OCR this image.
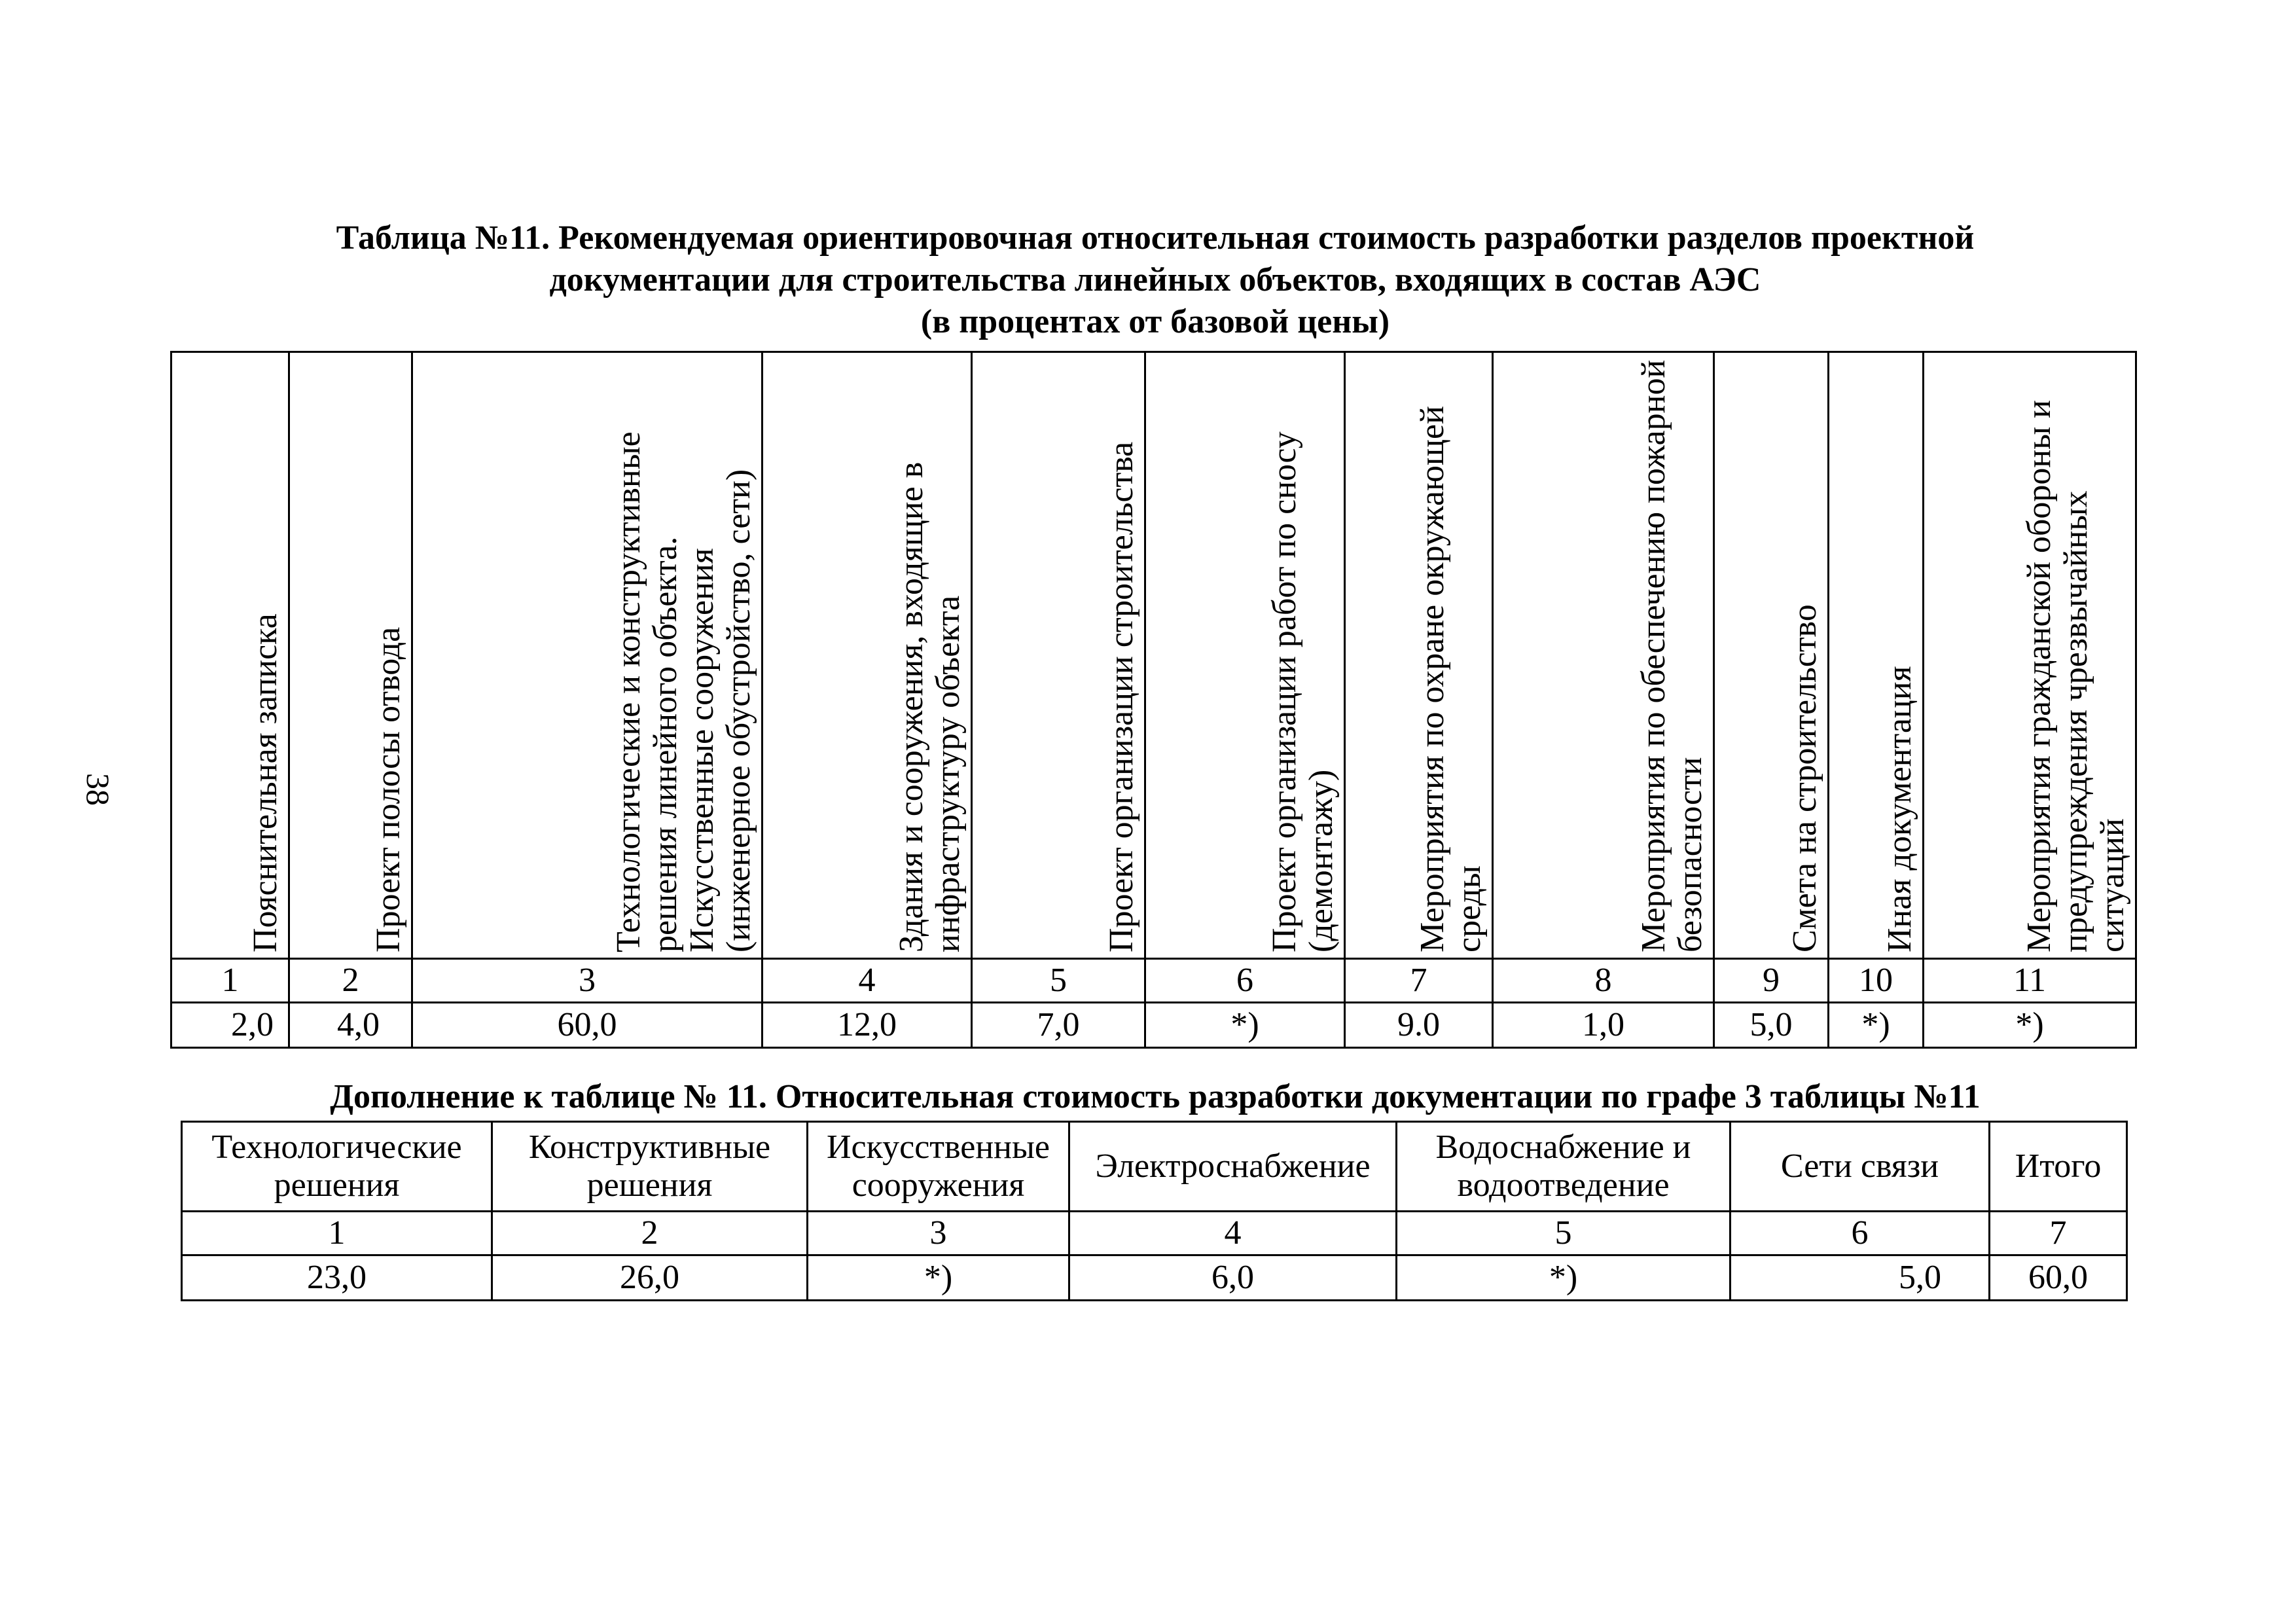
38
Таблица №11. Рекомендуемая ориентировочная относительная стоимость разработки разделов проектной
документации для строительства линейных объектов, входящих в состав АЭС
(в процентах от базовой цены)
Пояснительная записка	Проект полосы отвода	Технологические и конструктивные решения линейного объекта. Искусственные сооружения (инженерное обустройство, сети)	Здания и сооружения, входящие в инфраструктуру объекта	Проект организации строительства	Проект организации работ по сносу (демонтажу)	Мероприятия по охране окружающей среды	Мероприятия по обеспечению пожарной безопасности	Смета на строительство	Иная документация	Мероприятия гражданской обороны и предупреждения чрезвычайных ситуаций

1	2	3	4	5	6	7	8	9	10	11
2,0	4,0	60,0	12,0	7,0	*)	9.0	1,0	5,0	*)	*)
Дополнение к таблице № 11. Относительная стоимость разработки документации по графе 3 таблицы №11
Технологические решения	Конструктивные решения	Искусственные сооружения	Электроснабжение	Водоснабжение и водоотведение	Сети связи	Итого
1	2	3	4	5	6	7
23,0	26,0	*)	6,0	*)	5,0	60,0
